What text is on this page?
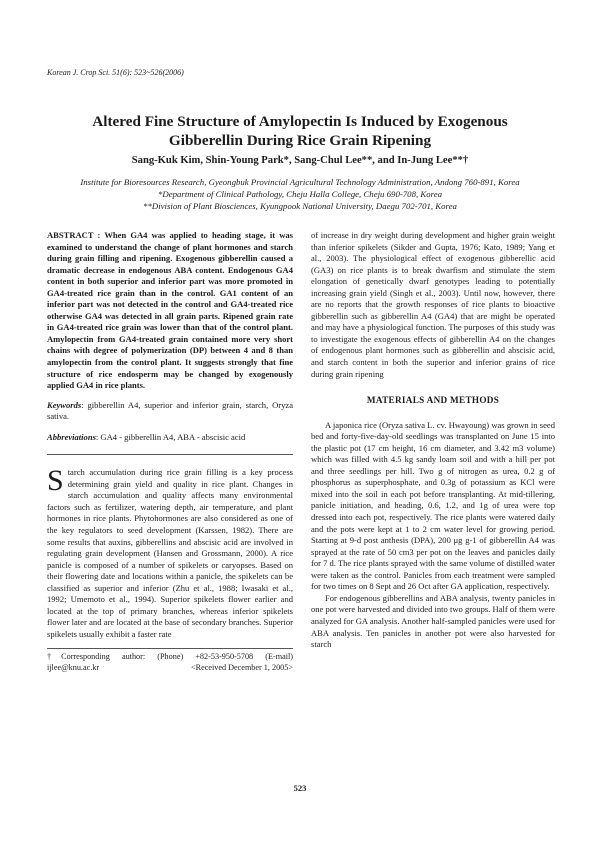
Korean J. Crop Sci. 51(6): 523~526(2006)
Altered Fine Structure of Amylopectin Is Induced by Exogenous
Gibberellin During Rice Grain Ripening
Sang-Kuk Kim, Shin-Young Park*, Sang-Chul Lee**, and In-Jung Lee**†
Institute for Bioresources Research, Gyeongbuk Provincial Agricultural Technology Administration, Andong 760-891, Korea
*Department of Clinical Pathology, Cheju Halla College, Cheju 690-708, Korea
**Division of Plant Biosciences, Kyungpook National University, Daegu 702-701, Korea
ABSTRACT : When GA4 was applied to heading stage, it was examined to understand the change of plant hormones and starch during grain filling and ripening. Exogenous gibberellin caused a dramatic decrease in endogenous ABA content. Endogenous GA4 content in both superior and inferior part was more promoted in GA4-treated rice grain than in the control. GA1 content of an inferior part was not detected in the control and GA4-treated rice otherwise GA4 was detected in all grain parts. Ripened grain rate in GA4-treated rice grain was lower than that of the control plant. Amylopectin from GA4-treated grain contained more very short chains with degree of polymerization (DP) between 4 and 8 than amylopectin from the control plant. It suggests strongly that fine structure of rice endosperm may be changed by exogenously applied GA4 in rice plants.
Keywords: gibberellin A4, superior and inferior grain, starch, Oryza sativa.
Abbreviations: GA4 - gibberellin A4, ABA - abscisic acid
Starch accumulation during rice grain filling is a key process determining grain yield and quality in rice plant. Changes in starch accumulation and quality affects many environmental factors such as fertilizer, watering depth, air temperature, and plant hormones in rice plants. Phytohormones are also considered as one of the key regulators to seed development (Karssen, 1982). There are some results that auxins, gibberellins and abscisic acid are involved in regulating grain development (Hansen and Grossmann, 2000). A rice panicle is composed of a number of spikelets or caryopses. Based on their flowering date and locations within a panicle, the spikelets can be classified as superior and inferior (Zhu et al., 1988; Iwasaki et al., 1992; Umemoto et al., 1994). Superior spikelets flower earlier and located at the top of primary branches, whereas inferior spikelets flower later and are located at the base of secondary branches. Superior spikelets usually exhibit a faster rate
†Corresponding author: (Phone) +82-53-950-5708 (E-mail) ijlee@knu.ac.kr	<Received December 1, 2005>

of increase in dry weight during development and higher grain weight than inferior spikelets (Sikder and Gupta, 1976; Kato, 1989; Yang et al., 2003). The physiological effect of exogenous gibberellic acid (GA3) on rice plants is to break dwarfism and stimulate the stem elongation of genetically dwarf genotypes leading to potentially increasing grain yield (Singh et al., 2003). Until now, however, there are no reports that the growth responses of rice plants to bioactive gibberellin such as gibberellin A4 (GA4) that are might be operated and may have a physiological function. The purposes of this study was to investigate the exogenous effects of gibberellin A4 on the changes of endogenous plant hormones such as gibberellin and abscisic acid, and starch content in both the superior and inferior grains of rice during grain ripening

MATERIALS AND METHODS

A japonica rice (Oryza sativa L. cv. Hwayoung) was grown in seed bed and forty-five-day-old seedlings was transplanted on June 15 into the plastic pot (17 cm height, 16 cm diameter, and 3.42 m3 volume) which was filled with 4.5 kg sandy loam soil and with a hill per pot and three seedlings per hill. Two g of nitrogen as urea, 0.2 g of phosphorus as superphosphate, and 0.3g of potassium as KCl were mixed into the soil in each pot before transplanting. At mid-tillering, panicle initiation, and heading, 0.6, 1.2, and 1g of urea were top dressed into each pot, respectively. The rice plants were watered daily and the pots were kept at 1 to 2 cm water level for growing period. Starting at 9-d post anthesis (DPA), 200 μg g-1 of gibberellin A4 was sprayed at the rate of 50 cm3 per pot on the leaves and panicles daily for 7 d. The rice plants sprayed with the same volume of distilled water were taken as the control. Panicles from each treatment were sampled for two times on 8 Sept and 26 Oct after GA application, respectively.

For endogenous gibberellins and ABA analysis, twenty panicles in one pot were harvested and divided into two groups. Half of them were analyzed for GA analysis. Another half-sampled panicles were used for ABA analysis. Ten panicles in another pot were also harvested for starch

523
